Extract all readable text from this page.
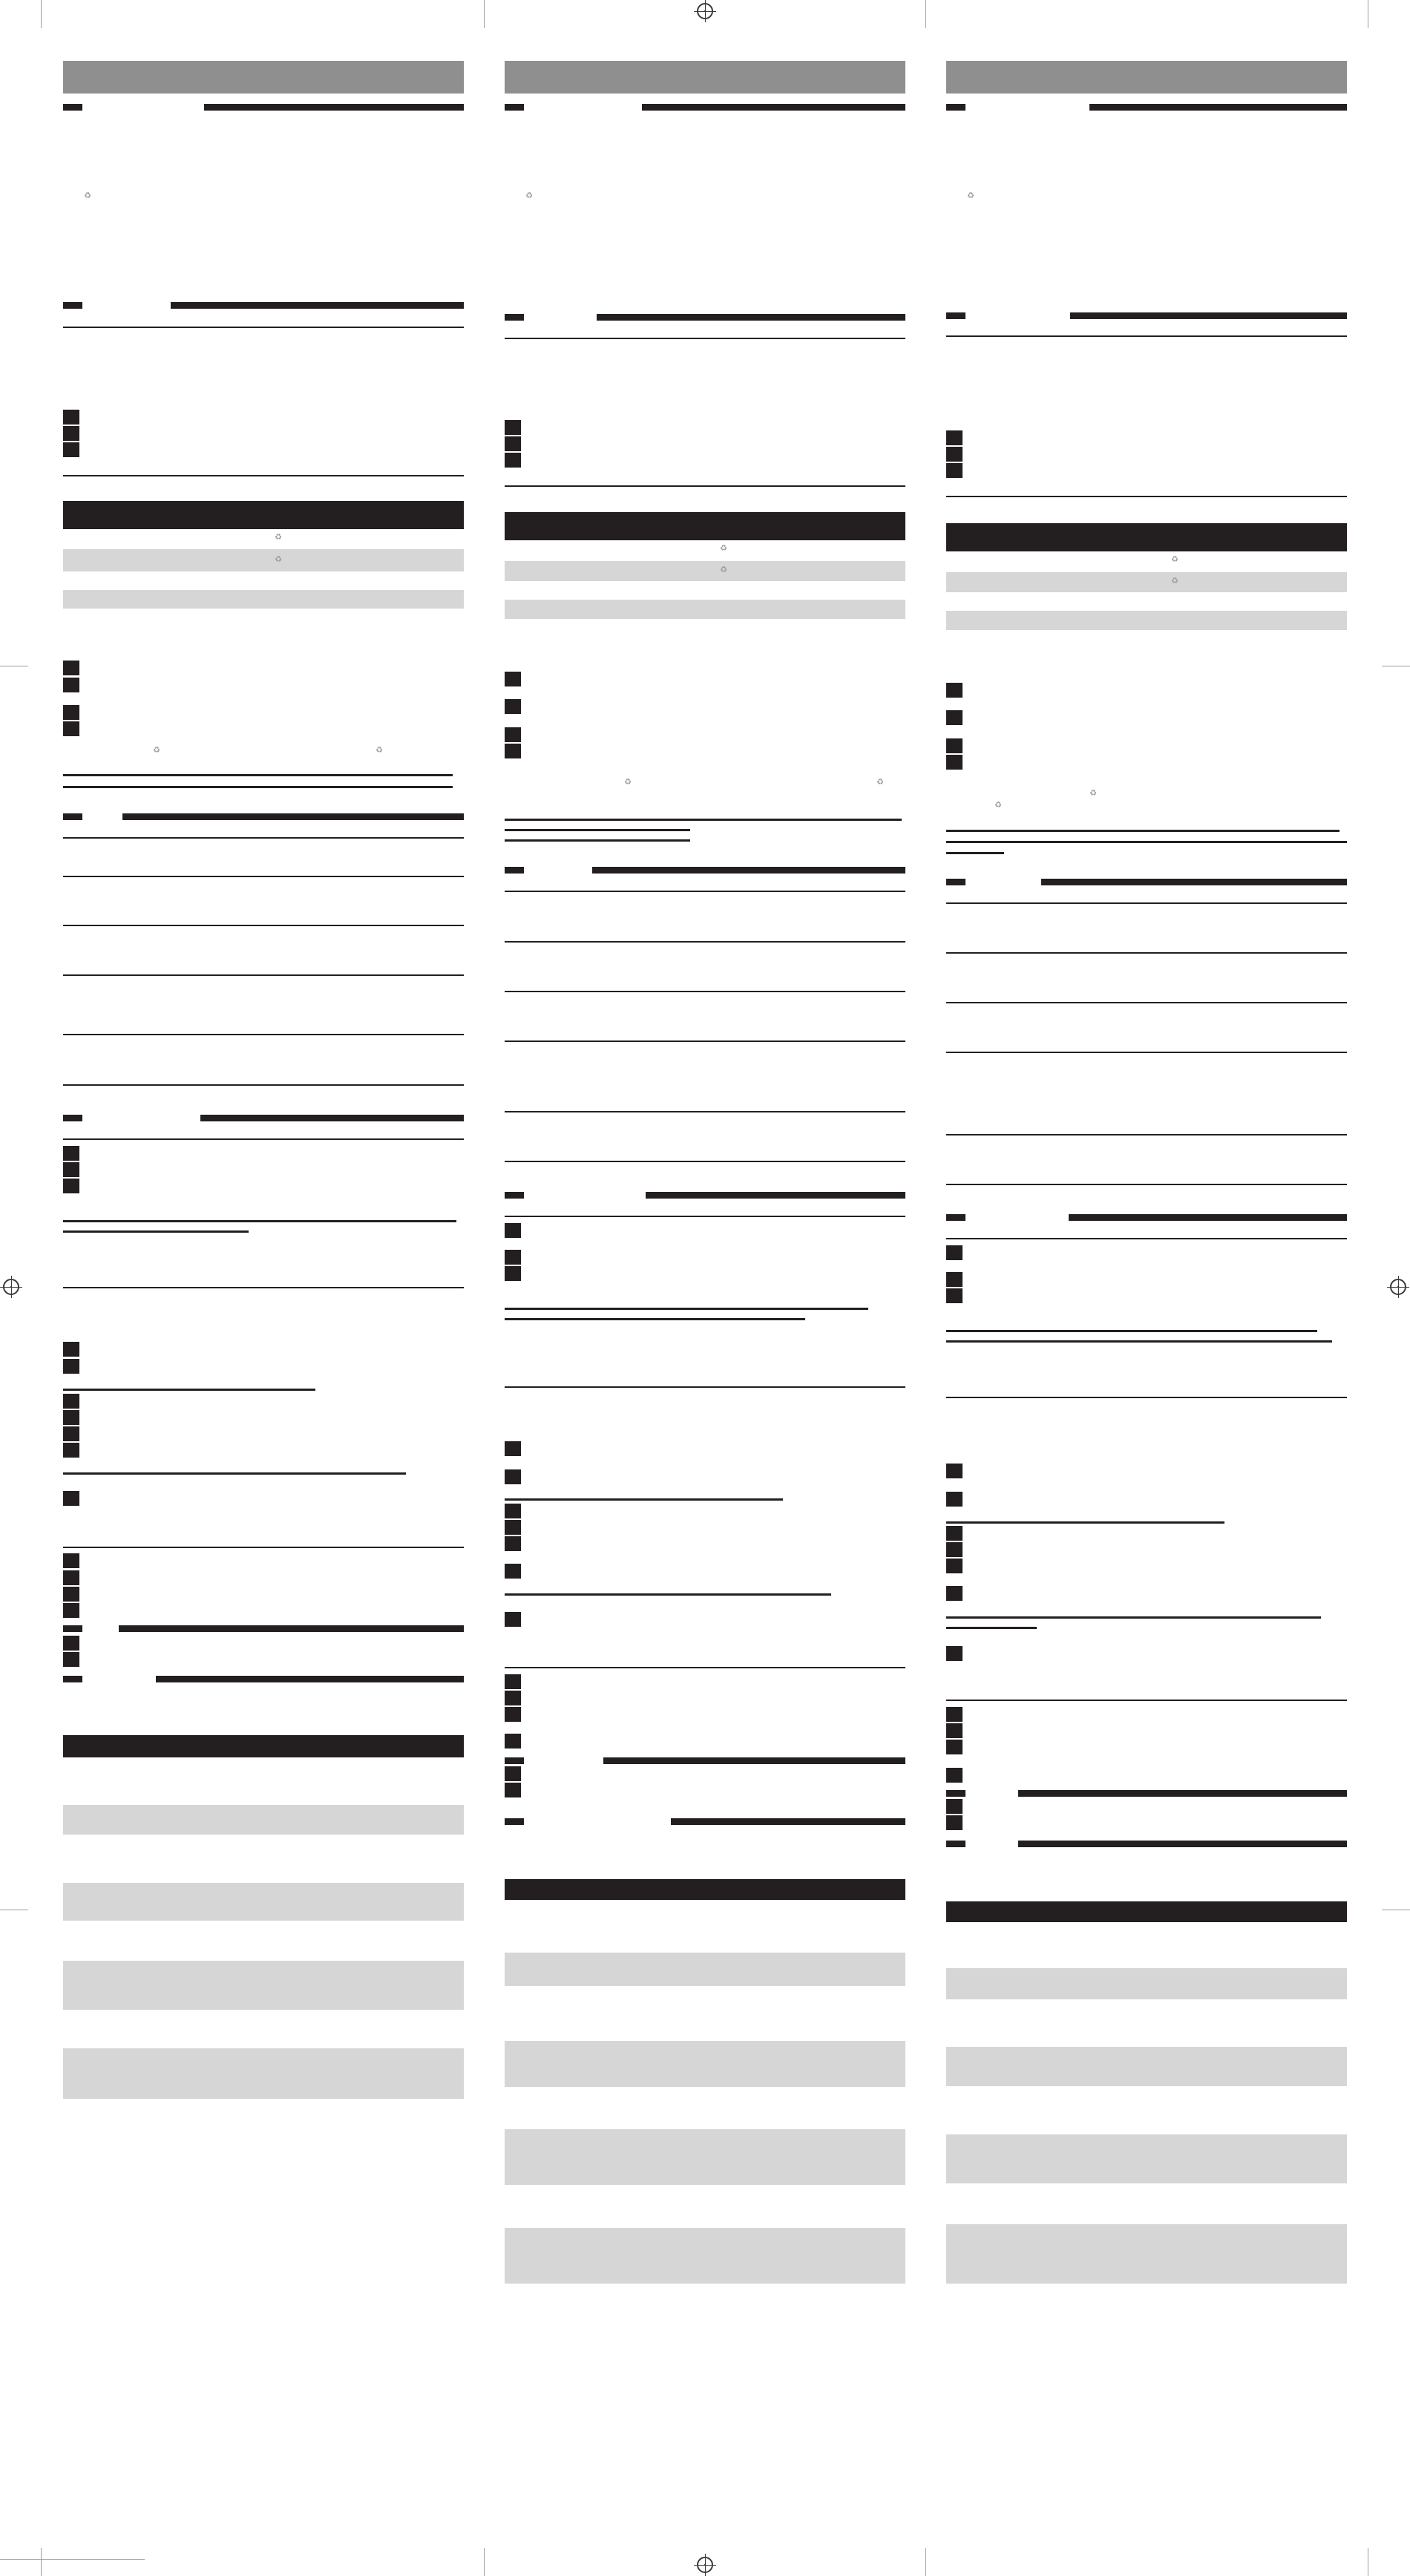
♻
♻
♻
♻	♻
♻
♻
♻
♻	♻
♻
♻
♻
♻
♻
